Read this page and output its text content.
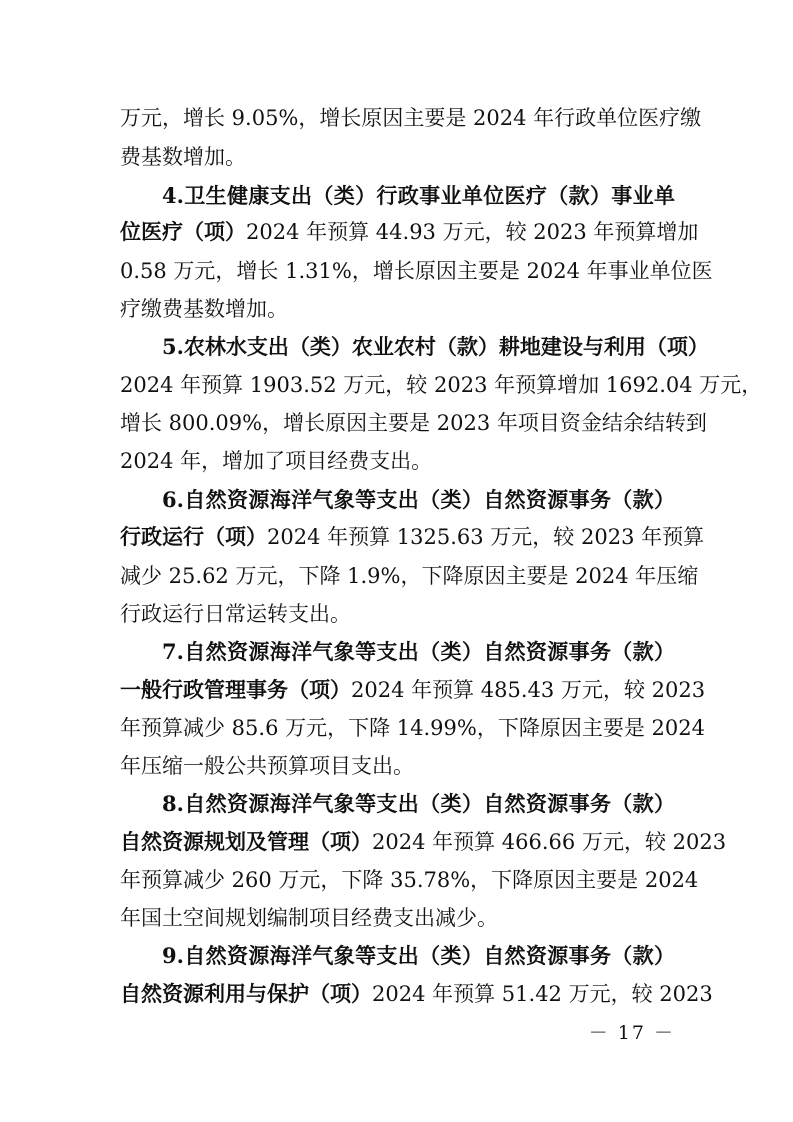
万元，增长 9.05%，增长原因主要是 2024 年行政单位医疗缴
费基数增加。
4.卫生健康支出（类）行政事业单位医疗（款）事业单
位医疗（项）2024 年预算 44.93 万元，较 2023 年预算增加
0.58 万元，增长 1.31%，增长原因主要是 2024 年事业单位医
疗缴费基数增加。
5.农林水支出（类）农业农村（款）耕地建设与利用（项）
2024 年预算 1903.52 万元，较 2023 年预算增加 1692.04 万元，
增长 800.09%，增长原因主要是 2023 年项目资金结余结转到
2024 年，增加了项目经费支出。
6.自然资源海洋气象等支出（类）自然资源事务（款）
行政运行（项）2024 年预算 1325.63 万元，较 2023 年预算
减少 25.62 万元，下降 1.9%，下降原因主要是 2024 年压缩
行政运行日常运转支出。
7.自然资源海洋气象等支出（类）自然资源事务（款）
一般行政管理事务（项）2024 年预算 485.43 万元，较 2023
年预算减少 85.6 万元，下降 14.99%，下降原因主要是 2024
年压缩一般公共预算项目支出。
8.自然资源海洋气象等支出（类）自然资源事务（款）
自然资源规划及管理（项）2024 年预算 466.66 万元，较 2023
年预算减少 260 万元，下降 35.78%，下降原因主要是 2024
年国土空间规划编制项目经费支出减少。
9.自然资源海洋气象等支出（类）自然资源事务（款）
自然资源利用与保护（项）2024 年预算 51.42 万元，较 2023
－ 17 －
